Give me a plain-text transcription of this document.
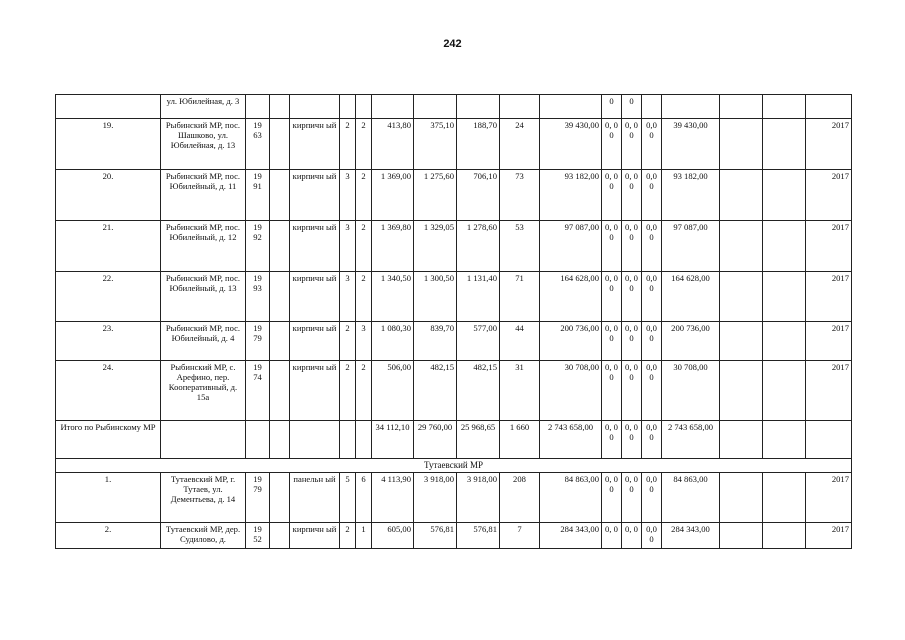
242
	ул. Юбилейная, д. 3											0	0					
19.	Рыбинский МР, пос. Шашково, ул. Юбилейная, д. 13	19 63		кирпичн ый	2	2	413,80	375,10	188,70	24	39 430,00	0, 0 0	0, 0 0	0,0 0	39 430,00			2017
20.	Рыбинский МР, пос. Юбилейный, д. 11	19 91		кирпичн ый	3	2	1 369,00	1 275,60	706,10	73	93 182,00	0, 0 0	0, 0 0	0,0 0	93 182,00			2017
21.	Рыбинский МР, пос. Юбилейный, д. 12	19 92		кирпичн ый	3	2	1 369,80	1 329,05	1 278,60	53	97 087,00	0, 0 0	0, 0 0	0,0 0	97 087,00			2017
22.	Рыбинский МР, пос. Юбилейный, д. 13	19 93		кирпичн ый	3	2	1 340,50	1 300,50	1 131,40	71	164 628,00	0, 0 0	0, 0 0	0,0 0	164 628,00			2017
23.	Рыбинский МР, пос. Юбилейный, д. 4	19 79		кирпичн ый	2	3	1 080,30	839,70	577,00	44	200 736,00	0, 0 0	0, 0 0	0,0 0	200 736,00			2017
24.	Рыбинский МР, с. Арефино, пер. Кооперативный, д. 15а	19 74		кирпичн ый	2	2	506,00	482,15	482,15	31	30 708,00	0, 0 0	0, 0 0	0,0 0	30 708,00			2017
Итого по Рыбинскому МР							34 112,10	29 760,00	25 968,65	1 660	2 743 658,00	0, 0 0	0, 0 0	0,0 0	2 743 658,00			
Тутаевский МР																		
1.	Тутаевский МР, г. Тутаев, ул. Дементьева, д. 14	19 79		панельн ый	5	6	4 113,90	3 918,00	3 918,00	208	84 863,00	0, 0 0	0, 0 0	0,0 0	84 863,00			2017
2.	Тутаевский МР, дер. Судилово, д.	19 52		кирпичн ый	2	1	605,00	576,81	576,81	7	284 343,00	0, 0	0, 0	0,0 0	284 343,00			2017
